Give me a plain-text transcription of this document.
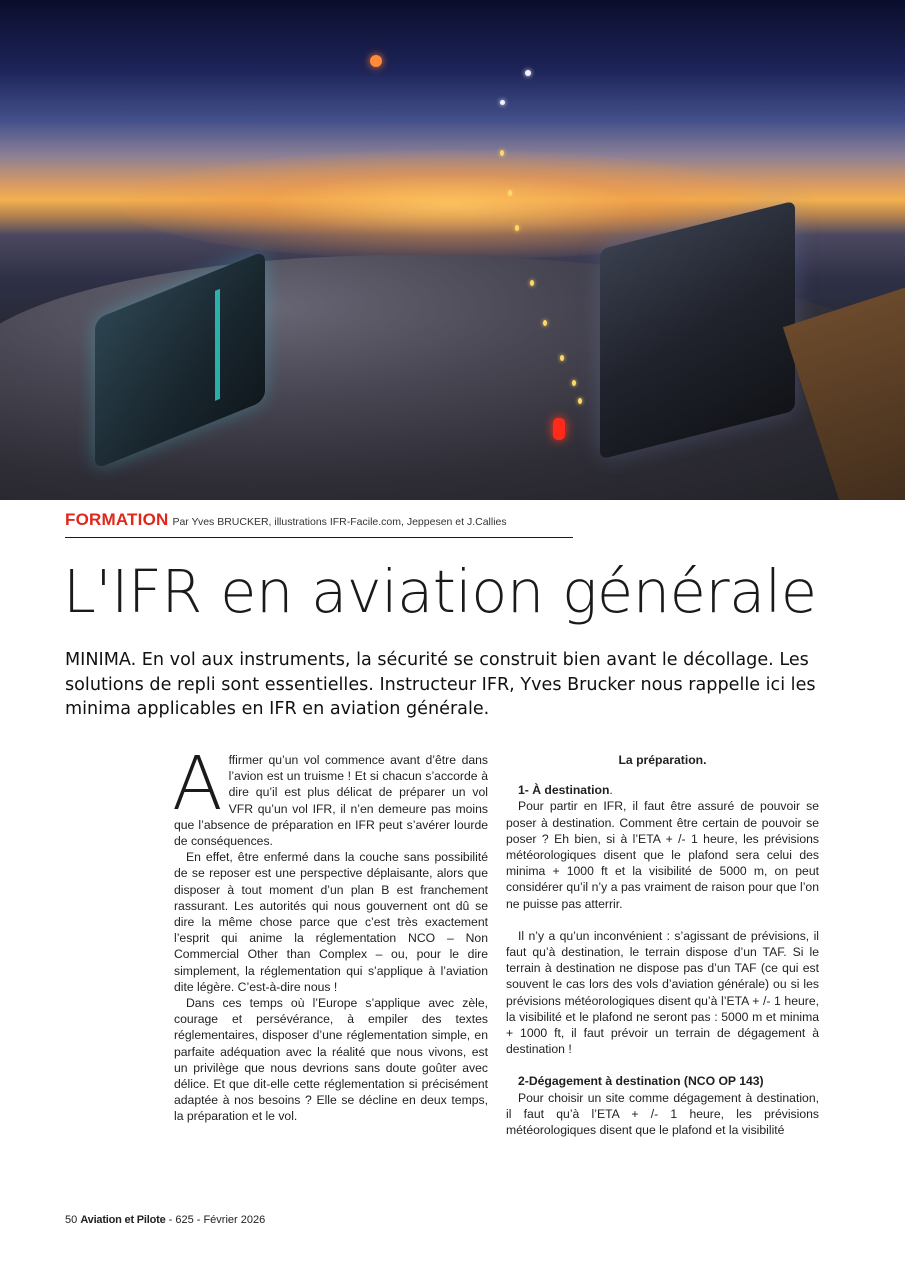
FORMATION Par Yves BRUCKER, illustrations IFR-Facile.com, Jeppesen et J.Callies
L'IFR en aviation générale

MINIMA. En vol aux instruments, la sécurité se construit bien avant le décollage. Les solutions de repli sont essentielles. Instructeur IFR, Yves Brucker nous rappelle ici les minima applicables en IFR en aviation générale.

Affirmer qu’un vol commence avant d’être dans l’avion est un truisme ! Et si chacun s’accorde à dire qu’il est plus délicat de préparer un vol VFR qu’un vol IFR, il n’en demeure pas moins que l’absence de préparation en IFR peut s’avérer lourde de conséquences.

En effet, être enfermé dans la couche sans possibilité de se reposer est une perspective déplaisante, alors que disposer à tout moment d’un plan B est franchement rassurant. Les autorités qui nous gouvernent ont dû se dire la même chose parce que c’est très exactement l’esprit qui anime la réglementation NCO – Non Commercial Other than Complex – ou, pour le dire simplement, la réglementation qui s’applique à l’aviation dite légère. C’est-à-dire nous !

Dans ces temps où l’Europe s’applique avec zèle, courage et persévérance, à empiler des textes réglementaires, disposer d’une réglementation simple, en parfaite adéquation avec la réalité que nous vivons, est un privilège que nous devrions sans doute goûter avec délice. Et que dit-elle cette réglementation si précisément adaptée à nos besoins ? Elle se décline en deux temps, la préparation et le vol.

La préparation.

1- À destination.

Pour partir en IFR, il faut être assuré de pouvoir se poser à destination. Comment être certain de pouvoir se poser ? Eh bien, si à l’ETA + /- 1 heure, les prévisions météorologiques disent que le plafond sera celui des minima + 1000 ft et la visibilité de 5000 m, on peut considérer qu’il n’y a pas vraiment de raison pour que l’on ne puisse pas atterrir.

Il n’y a qu’un inconvénient : s’agissant de prévisions, il faut qu’à destination, le terrain dispose d’un TAF. Si le terrain à destination ne dispose pas d’un TAF (ce qui est souvent le cas lors des vols d’aviation générale) ou si les prévisions météorologiques disent qu’à l’ETA + /- 1 heure, la visibilité et le plafond ne seront pas : 5000 m et minima + 1000 ft, il faut prévoir un terrain de dégagement à destination !

2-Dégagement à destination (NCO OP 143)

Pour choisir un site comme dégagement à destination, il faut qu’à l’ETA + /- 1 heure, les prévisions météorologiques disent que le plafond et la visibilité

50 Aviation et Pilote - 625 - Février 2026
